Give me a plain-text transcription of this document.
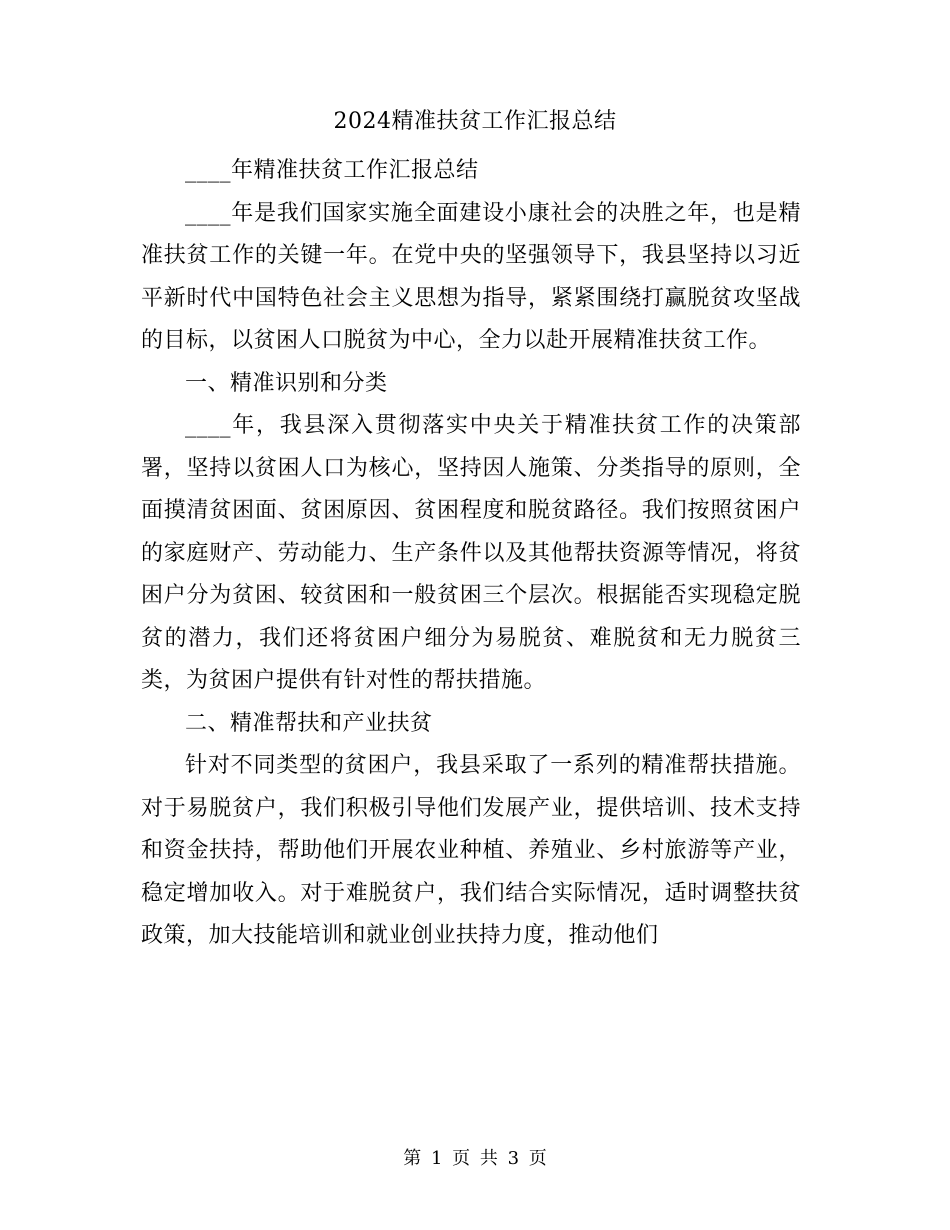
2024精准扶贫工作汇报总结

____年精准扶贫工作汇报总结

____年是我们国家实施全面建设小康社会的决胜之年，也是精准扶贫工作的关键一年。在党中央的坚强领导下，我县坚持以习近平新时代中国特色社会主义思想为指导，紧紧围绕打赢脱贫攻坚战的目标，以贫困人口脱贫为中心，全力以赴开展精准扶贫工作。

一、精准识别和分类

____年，我县深入贯彻落实中央关于精准扶贫工作的决策部署，坚持以贫困人口为核心，坚持因人施策、分类指导的原则，全面摸清贫困面、贫困原因、贫困程度和脱贫路径。我们按照贫困户的家庭财产、劳动能力、生产条件以及其他帮扶资源等情况，将贫困户分为贫困、较贫困和一般贫困三个层次。根据能否实现稳定脱贫的潜力，我们还将贫困户细分为易脱贫、难脱贫和无力脱贫三类，为贫困户提供有针对性的帮扶措施。

二、精准帮扶和产业扶贫

针对不同类型的贫困户，我县采取了一系列的精准帮扶措施。对于易脱贫户，我们积极引导他们发展产业，提供培训、技术支持和资金扶持，帮助他们开展农业种植、养殖业、乡村旅游等产业，稳定增加收入。对于难脱贫户，我们结合实际情况，适时调整扶贫政策，加大技能培训和就业创业扶持力度，推动他们

第 1 页 共 3 页
